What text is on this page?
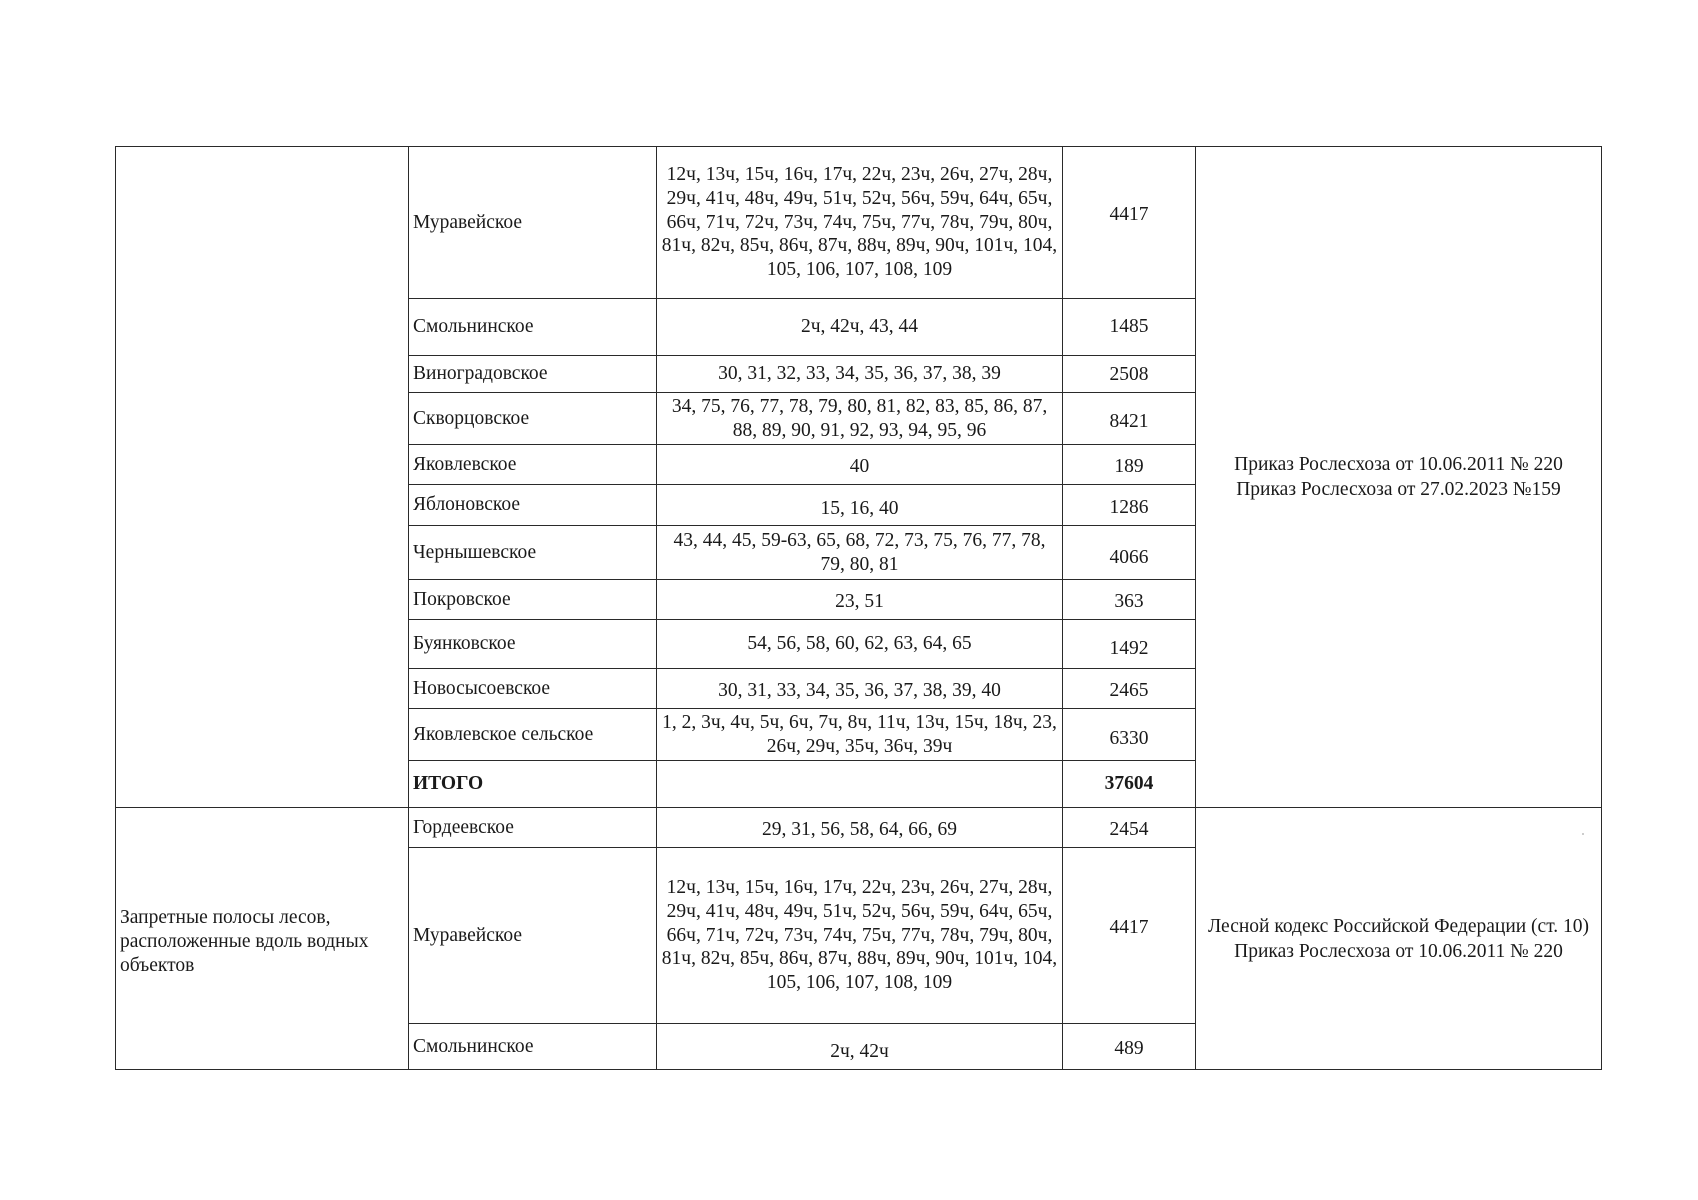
	Муравейское	12ч, 13ч, 15ч, 16ч, 17ч, 22ч, 23ч, 26ч, 27ч, 28ч, 29ч, 41ч, 48ч, 49ч, 51ч, 52ч, 56ч, 59ч, 64ч, 65ч, 66ч, 71ч, 72ч, 73ч, 74ч, 75ч, 77ч, 78ч, 79ч, 80ч, 81ч, 82ч, 85ч, 86ч, 87ч, 88ч, 89ч, 90ч, 101ч, 104, 105, 106, 107, 108, 109	4417	Приказ Рослесхоза от 10.06.2011 № 220
Приказ Рослесхоза от 27.02.2023 №159

	Смольнинское	2ч, 42ч, 43, 44	1485	
	Виноградовское	30, 31, 32, 33, 34, 35, 36, 37, 38, 39	2508	
	Скворцовское	34, 75, 76, 77, 78, 79, 80, 81, 82, 83, 85, 86, 87, 88, 89, 90, 91, 92, 93, 94, 95, 96	8421	
	Яковлевское	40	189	
	Яблоновское	15, 16, 40	1286	
	Чернышевское	43, 44, 45, 59-63, 65, 68, 72, 73, 75, 76, 77, 78, 79, 80, 81	4066	
	Покровское	23, 51	363	
	Буянковское	54, 56, 58, 60, 62, 63, 64, 65	1492	
	Новосысоевское	30, 31, 33, 34, 35, 36, 37, 38, 39, 40	2465	
	Яковлевское сельское	1, 2, 3ч, 4ч, 5ч, 6ч, 7ч, 8ч, 11ч, 13ч, 15ч, 18ч, 23, 26ч, 29ч, 35ч, 36ч, 39ч	6330	
	ИТОГО		37604	
Запретные полосы лесов, расположенные вдоль водных объектов	Гордеевское	29, 31, 56, 58, 64, 66, 69	2454	Лесной кодекс Российской Федерации (ст. 10)
Приказ Рослесхоза от 10.06.2011 № 220

	Муравейское	12ч, 13ч, 15ч, 16ч, 17ч, 22ч, 23ч, 26ч, 27ч, 28ч, 29ч, 41ч, 48ч, 49ч, 51ч, 52ч, 56ч, 59ч, 64ч, 65ч, 66ч, 71ч, 72ч, 73ч, 74ч, 75ч, 77ч, 78ч, 79ч, 80ч, 81ч, 82ч, 85ч, 86ч, 87ч, 88ч, 89ч, 90ч, 101ч, 104, 105, 106, 107, 108, 109	4417	
	Смольнинское	2ч, 42ч	489	
